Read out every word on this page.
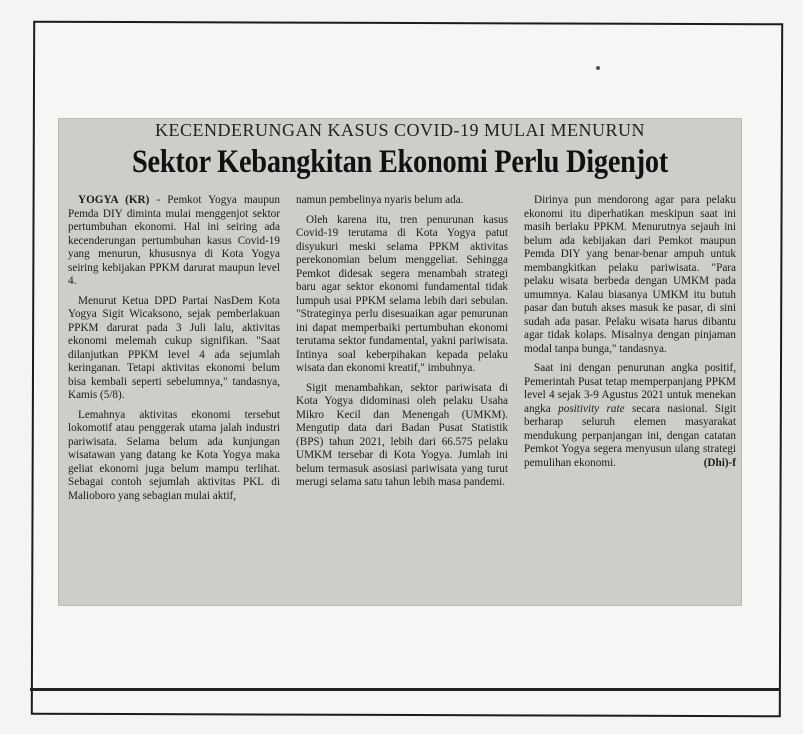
KECENDERUNGAN KASUS COVID-19 MULAI MENURUN
Sektor Kebangkitan Ekonomi Perlu Digenjot

YOGYA (KR) - Pemkot Yogya maupun Pemda DIY diminta mulai menggenjot sektor pertumbuhan ekonomi. Hal ini seiring ada kecenderungan pertumbuhan kasus Covid-19 yang menurun, khususnya di Kota Yogya seiring kebijakan PPKM darurat maupun level 4.

Menurut Ketua DPD Partai NasDem Kota Yogya Sigit Wicaksono, sejak pemberlakuan PPKM darurat pada 3 Juli lalu, aktivitas ekonomi melemah cukup signifikan. "Saat dilanjutkan PPKM level 4 ada sejumlah keringanan. Tetapi aktivitas ekonomi belum bisa kembali seperti sebelumnya," tandasnya, Kamis (5/8).

Lemahnya aktivitas ekonomi tersebut lokomotif atau penggerak utama jalah industri pariwisata. Selama belum ada kunjungan wisatawan yang datang ke Kota Yogya maka geliat ekonomi juga belum mampu terlihat. Sebagai contoh sejumlah aktivitas PKL di Malioboro yang sebagian mulai aktif,

namun pembelinya nyaris belum ada.

Oleh karena itu, tren penurunan kasus Covid-19 terutama di Kota Yogya patut disyukuri meski selama PPKM aktivitas perekonomian belum menggeliat. Sehingga Pemkot didesak segera menambah strategi baru agar sektor ekonomi fundamental tidak lumpuh usai PPKM selama lebih dari sebulan. "Strateginya perlu disesuaikan agar penurunan ini dapat memperbaiki pertumbuhan ekonomi terutama sektor fundamental, yakni pariwisata. Intinya soal keberpihakan kepada pelaku wisata dan ekonomi kreatif," imbuhnya.

Sigit menambahkan, sektor pariwisata di Kota Yogya didominasi oleh pelaku Usaha Mikro Kecil dan Menengah (UMKM). Mengutip data dari Badan Pusat Statistik (BPS) tahun 2021, lebih dari 66.575 pelaku UMKM tersebar di Kota Yogya. Jumlah ini belum termasuk asosiasi pariwisata yang turut merugi selama satu tahun lebih masa pandemi.

Dirinya pun mendorong agar para pelaku ekonomi itu diperhatikan meskipun saat ini masih berlaku PPKM. Menurutnya sejauh ini belum ada kebijakan dari Pemkot maupun Pemda DIY yang benar-benar ampuh untuk membangkitkan pelaku pariwisata. "Para pelaku wisata berbeda dengan UMKM pada umumnya. Kalau biasanya UMKM itu butuh pasar dan butuh akses masuk ke pasar, di sini sudah ada pasar. Pelaku wisata harus dibantu agar tidak kolaps. Misalnya dengan pinjaman modal tanpa bunga," tandasnya.

Saat ini dengan penurunan angka positif, Pemerintah Pusat tetap memperpanjang PPKM level 4 sejak 3-9 Agustus 2021 untuk menekan angka positivity rate secara nasional. Sigit berharap seluruh elemen masyarakat mendukung perpanjangan ini, dengan catatan Pemkot Yogya segera menyusun ulang strategi pemulihan ekonomi.	(Dhi)-f
